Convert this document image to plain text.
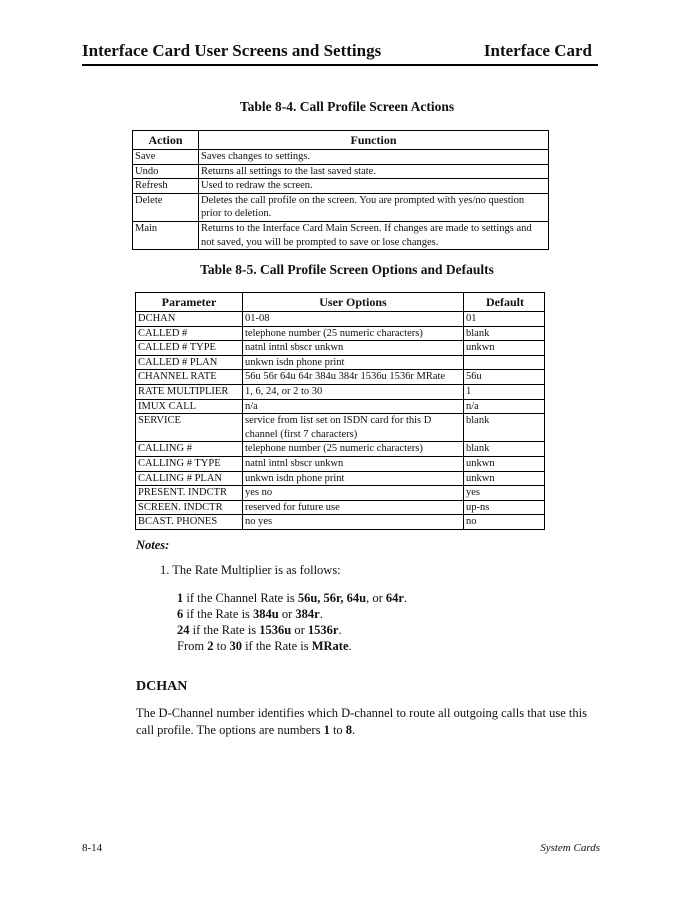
Interface Card User Screens and Settings	Interface Card
Table 8-4. Call Profile Screen Actions
Action	Function
Save	Saves changes to settings.
Undo	Returns all settings to the last saved state.
Refresh	Used to redraw the screen.
Delete	Deletes the call profile on the screen. You are prompted with yes/no question prior to deletion.
Main	Returns to the Interface Card Main Screen. If changes are made to settings and not saved, you will be prompted to save or lose changes.
Table 8-5. Call Profile Screen Options and Defaults
Parameter	User Options	Default
DCHAN	01-08	01
CALLED #	telephone number (25 numeric characters)	blank
CALLED # TYPE	natnl intnl sbscr unkwn	unkwn
CALLED # PLAN	unkwn isdn phone print	
CHANNEL RATE	56u 56r 64u 64r 384u 384r 1536u 1536r MRate	56u
RATE MULTIPLIER	1, 6, 24, or 2 to 30	1
IMUX CALL	n/a	n/a
SERVICE	service from list set on ISDN card for this D channel (first 7 characters)	blank
CALLING #	telephone number (25 numeric characters)	blank
CALLING # TYPE	natnl intnl sbscr unkwn	unkwn
CALLING # PLAN	unkwn isdn phone print	unkwn
PRESENT. INDCTR	yes no	yes
SCREEN. INDCTR	reserved for future use	up-ns
BCAST. PHONES	no yes	no
Notes:
1. The Rate Multiplier is as follows:
1 if the Channel Rate is 56u, 56r, 64u, or 64r.
6 if the Rate is 384u or 384r.
24 if the Rate is 1536u or 1536r.
From 2 to 30 if the Rate is MRate.
DCHAN
The D-Channel number identifies which D-channel to route all outgoing calls that use this call profile. The options are numbers 1 to 8.
8-14	System Cards
